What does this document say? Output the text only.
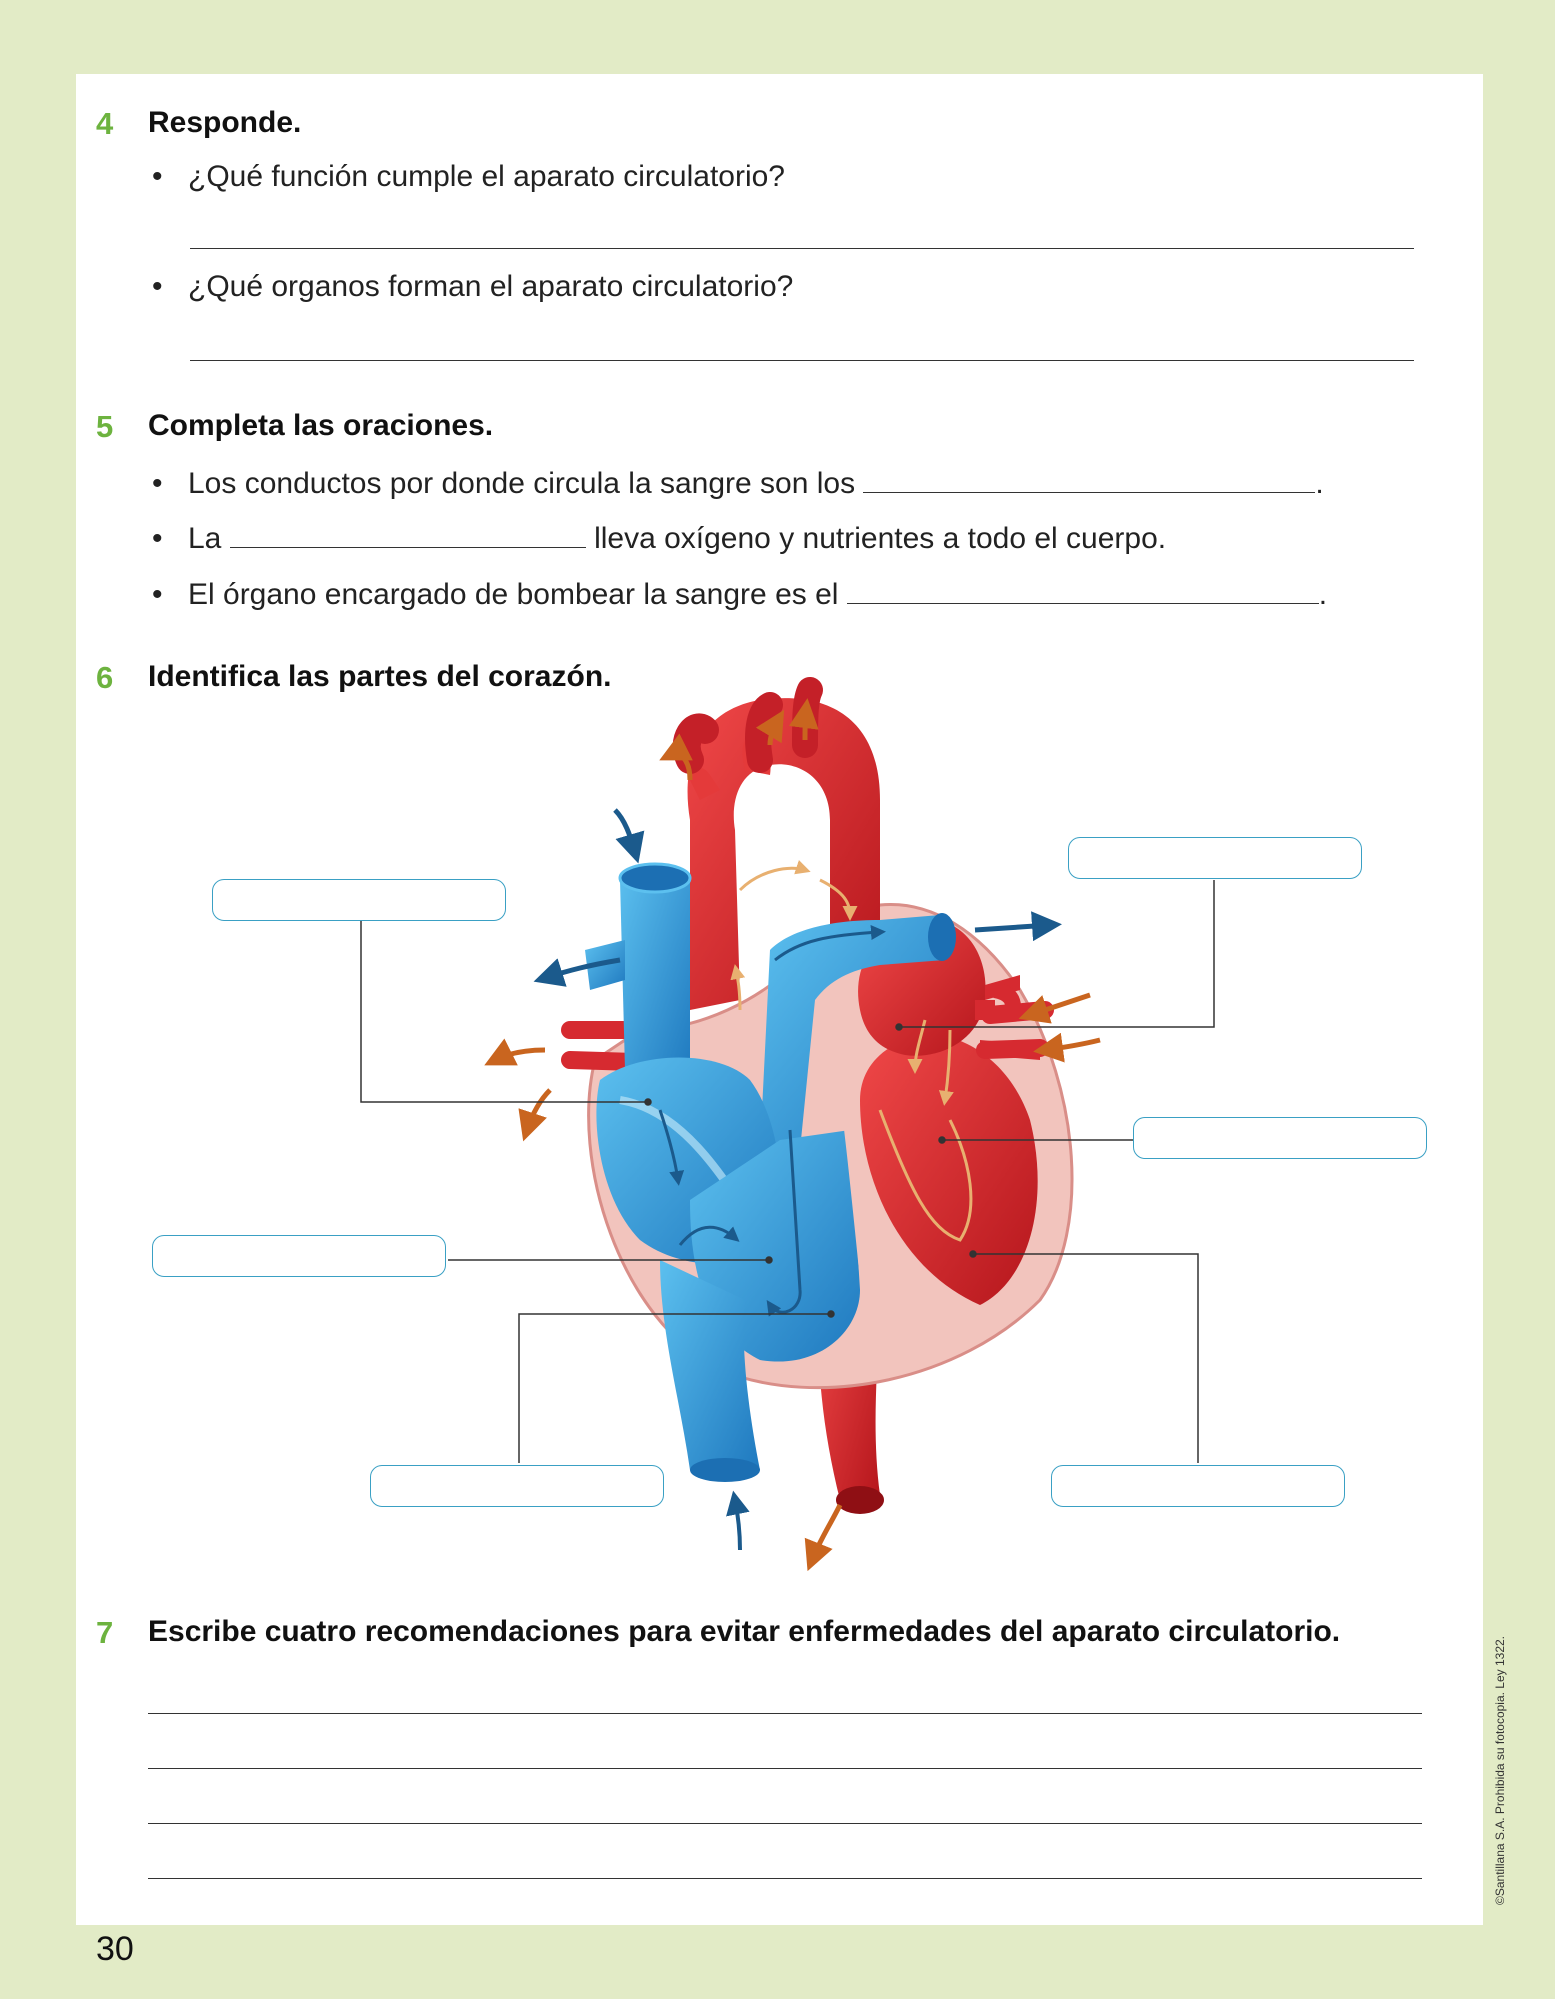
4 Responde.
• ¿Qué función cumple el aparato circulatorio?
• ¿Qué organos forman el aparato circulatorio?
5 Completa las oraciones.
• Los conductos por donde circula la sangre son los	.
• La	lleva oxígeno y nutrientes a todo el cuerpo.
• El órgano encargado de bombear la sangre es el	.
6 Identifica las partes del corazón.
7 Escribe cuatro recomendaciones para evitar enfermedades del aparato circulatorio.
©Santillana S.A. Prohibida su fotocopia. Ley 1322.
30
